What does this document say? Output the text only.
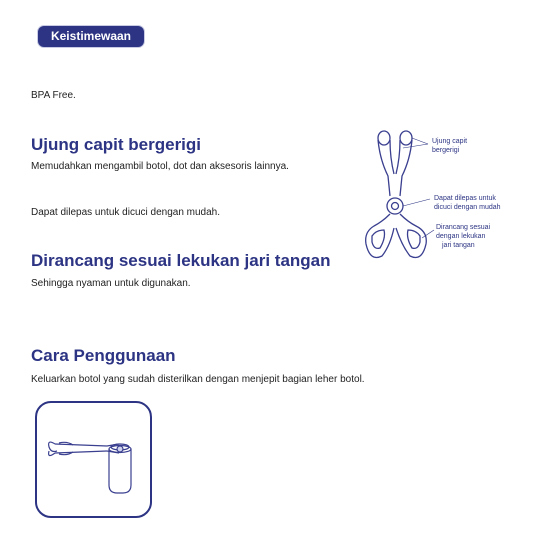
Keistimewaan
BPA Free.
Ujung capit bergerigi
Memudahkan mengambil botol, dot dan aksesoris lainnya.
Dapat dilepas untuk dicuci dengan mudah.
Dirancang sesuai lekukan jari tangan
Sehingga nyaman untuk digunakan.
Cara Penggunaan
Keluarkan botol yang sudah disterilkan dengan menjepit bagian leher botol.
Ujung capit
bergerigi
Dapat dilepas untuk
dicuci dengan mudah
Dirancang sesuai
dengan lekukan
jari tangan
